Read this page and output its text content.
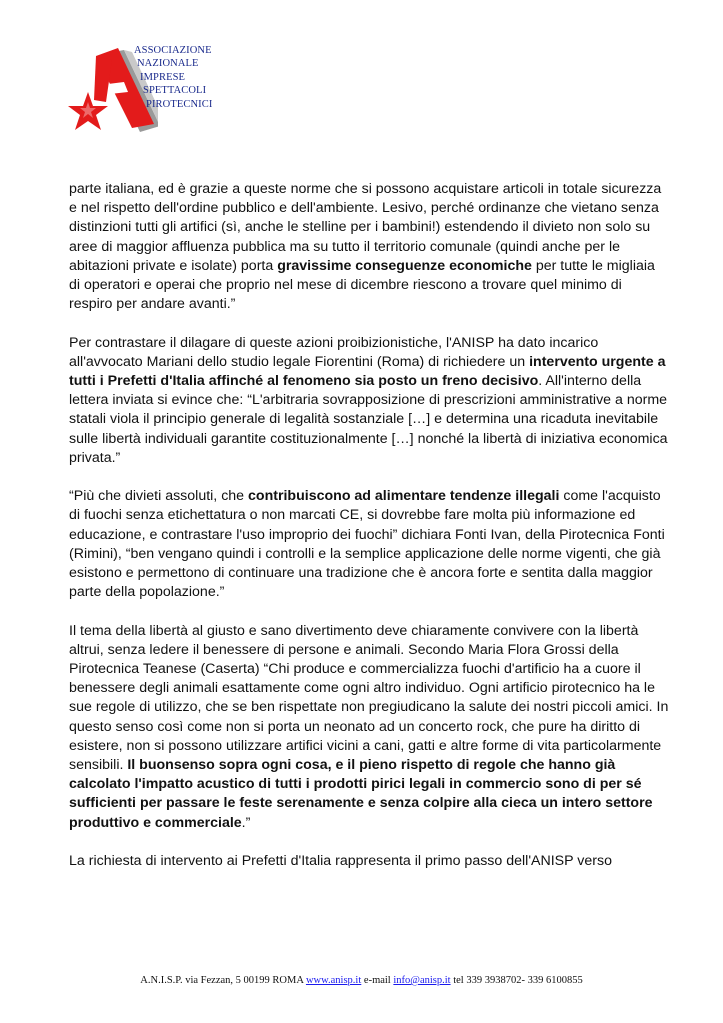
ASSOCIAZIONE
NAZIONALE
IMPRESE
SPETTACOLI
PIROTECNICI

parte italiana, ed è grazie a queste norme che si possono acquistare articoli in totale sicurezza e nel rispetto dell'ordine pubblico e dell'ambiente. Lesivo, perché ordinanze che vietano senza distinzioni tutti gli artifici (sì, anche le stelline per i bambini!) estendendo il divieto non solo su aree di maggior affluenza pubblica ma su tutto il territorio comunale (quindi anche per le abitazioni private e isolate) porta gravissime conseguenze economiche per tutte le migliaia di operatori e operai che proprio nel mese di dicembre riescono a trovare quel minimo di respiro per andare avanti.”

Per contrastare il dilagare di queste azioni proibizionistiche, l'ANISP ha dato incarico all'avvocato Mariani dello studio legale Fiorentini (Roma) di richiedere un intervento urgente a tutti i Prefetti d'Italia affinché al fenomeno sia posto un freno decisivo. All'interno della lettera inviata si evince che: “L'arbitraria sovrapposizione di prescrizioni amministrative a norme statali viola il principio generale di legalità sostanziale […] e determina una ricaduta inevitabile sulle libertà individuali garantite costituzionalmente […] nonché la libertà di iniziativa economica privata.”

“Più che divieti assoluti, che contribuiscono ad alimentare tendenze illegali come l'acquisto di fuochi senza etichettatura o non marcati CE, si dovrebbe fare molta più informazione ed educazione, e contrastare l'uso improprio dei fuochi” dichiara Fonti Ivan, della Pirotecnica Fonti (Rimini), “ben vengano quindi i controlli e la semplice applicazione delle norme vigenti, che già esistono e permettono di continuare una tradizione che è ancora forte e sentita dalla maggior parte della popolazione.”

Il tema della libertà al giusto e sano divertimento deve chiaramente convivere con la libertà altrui, senza ledere il benessere di persone e animali. Secondo Maria Flora Grossi della Pirotecnica Teanese (Caserta) “Chi produce e commercializza fuochi d'artificio ha a cuore il benessere degli animali esattamente come ogni altro individuo. Ogni artificio pirotecnico ha le sue regole di utilizzo, che se ben rispettate non pregiudicano la salute dei nostri piccoli amici. In questo senso così come non si porta un neonato ad un concerto rock, che pure ha diritto di esistere, non si possono utilizzare artifici vicini a cani, gatti e altre forme di vita particolarmente sensibili. Il buonsenso sopra ogni cosa, e il pieno rispetto di regole che hanno già calcolato l'impatto acustico di tutti i prodotti pirici legali in commercio sono di per sé sufficienti per passare le feste serenamente e senza colpire alla cieca un intero settore produttivo e commerciale.”

La richiesta di intervento ai Prefetti d'Italia rappresenta il primo passo dell'ANISP verso

A.N.I.S.P. via Fezzan, 5 00199 ROMA www.anisp.it e-mail info@anisp.it tel 339 3938702- 339 6100855
